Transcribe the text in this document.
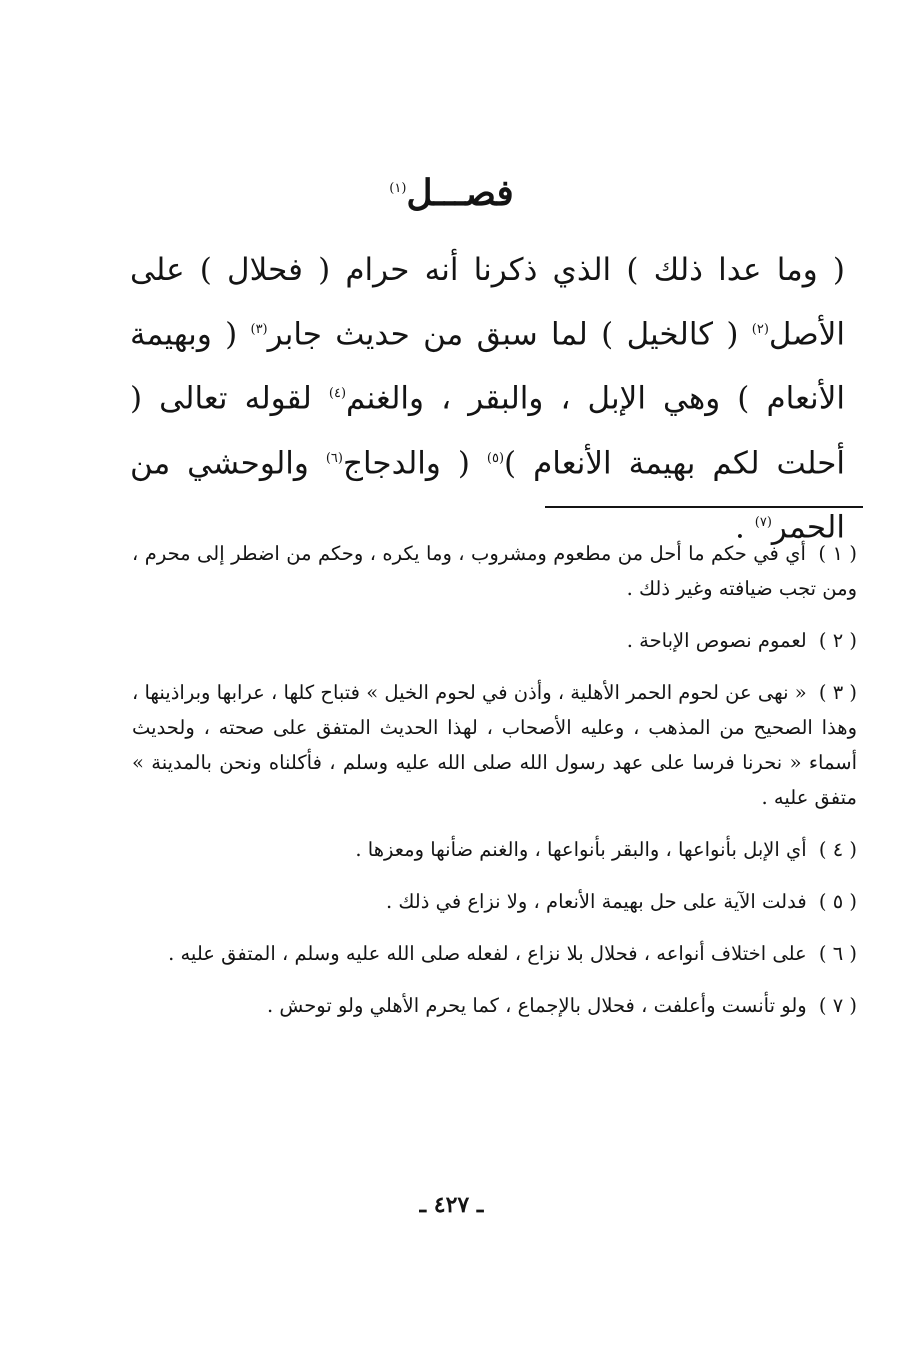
فصـــل$^{(١)}$
( وما عدا ذلك ) الذي ذكرنا أنه حرام ( فحلال ) على الأصل$^{(٢)}$ ( كالخيل ) لما سبق من حديث جابر$^{(٣)}$ ( وبهيمة الأنعام ) وهي الإبل ، والبقر ، والغنم$^{(٤)}$ لقوله تعالى ( أحلت لكم بهيمة الأنعام )$^{(٥)}$ ( والدجاج$^{(٦)}$ والوحشي من الحمر$^{(٧)}$ .

( ١ ) أي في حكم ما أحل من مطعوم ومشروب ، وما يكره ، وحكم من اضطر إلى محرم ، ومن تجب ضيافته وغير ذلك .

( ٢ ) لعموم نصوص الإباحة .

( ٣ ) « نهى عن لحوم الحمر الأهلية ، وأذن في لحوم الخيل » فتباح كلها ، عرابها وبراذينها ، وهذا الصحيح من المذهب ، وعليه الأصحاب ، لهذا الحديث المتفق على صحته ، ولحديث أسماء « نحرنا فرسا على عهد رسول الله صلى الله عليه وسلم ، فأكلناه ونحن بالمدينة » متفق عليه .

( ٤ ) أي الإبل بأنواعها ، والبقر بأنواعها ، والغنم ضأنها ومعزها .

( ٥ ) فدلت الآية على حل بهيمة الأنعام ، ولا نزاع في ذلك .

( ٦ ) على اختلاف أنواعه ، فحلال بلا نزاع ، لفعله صلى الله عليه وسلم ، المتفق عليه .

( ٧ ) ولو تأنست وأعلفت ، فحلال بالإجماع ، كما يحرم الأهلي ولو توحش .

ـ ٤٢٧ ـ
